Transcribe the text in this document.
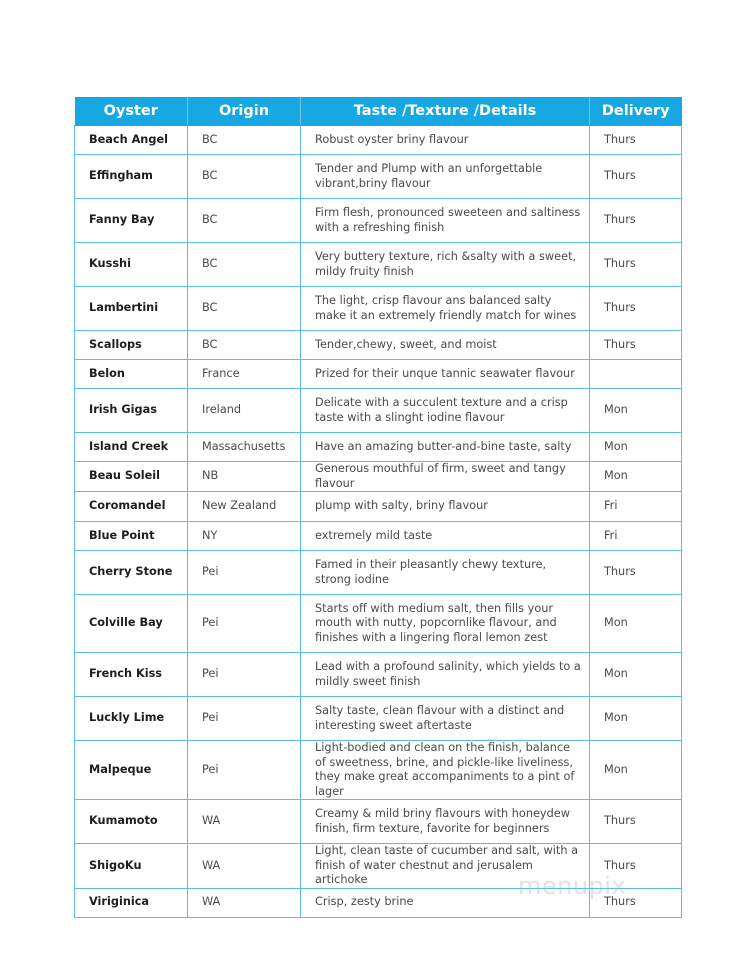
Oyster	Origin	Taste /Texture /Details	Delivery
Beach Angel	BC	Robust oyster briny flavour	Thurs
Effingham	BC	Tender and Plump with an unforgettable vibrant,briny flavour	Thurs
Fanny Bay	BC	Firm flesh, pronounced sweeteen and saltiness with a refreshing finish	Thurs
Kusshi	BC	Very buttery texture, rich &salty with a sweet, mildy fruity finish	Thurs
Lambertini	BC	The light, crisp flavour ans balanced salty make it an extremely friendly match for wines	Thurs
Scallops	BC	Tender,chewy, sweet, and moist	Thurs
Belon	France	Prized for their unque tannic seawater flavour	
Irish Gigas	Ireland	Delicate with a succulent texture and a crisp taste with a slinght iodine flavour	Mon
Island Creek	Massachusetts	Have an amazing butter-and-bine taste, salty	Mon
Beau Soleil	NB	Generous mouthful of firm, sweet and tangy flavour	Mon
Coromandel	New Zealand	plump with salty, briny flavour	Fri
Blue Point	NY	extremely mild taste	Fri
Cherry Stone	Pei	Famed in their pleasantly chewy texture, strong iodine	Thurs
Colville Bay	Pei	Starts off with medium salt, then fills your mouth with nutty, popcornlike flavour, and finishes with a lingering floral lemon zest	Mon
French Kiss	Pei	Lead with a profound salinity, which yields to a mildly sweet finish	Mon
Luckly Lime	Pei	Salty taste, clean flavour with a distinct and interesting sweet aftertaste	Mon
Malpeque	Pei	Light-bodied and clean on the finish, balance of sweetness, brine, and pickle-like liveliness, they make great accompaniments to a pint of lager	Mon
Kumamoto	WA	Creamy & mild briny flavours with honeydew finish, firm texture, favorite for beginners	Thurs
ShigoKu	WA	Light, clean taste of cucumber and salt, with a finish of water chestnut and jerusalem artichoke	Thurs
Viriginica	WA	Crisp, zesty brine	Thurs
menupix
